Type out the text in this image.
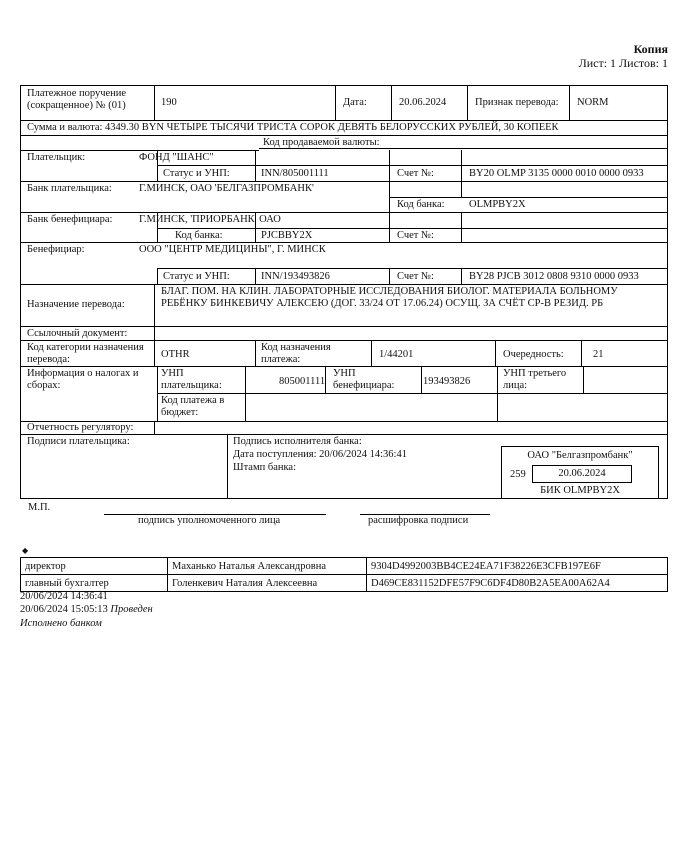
Копия
Лист: 1 Листов: 1
Платежное поручение (сокращенное) № (01)	190	Дата:	20.06.2024	Признак перевода: NORM
Сумма и валюта: 4349.30 BYN ЧЕТЫРЕ ТЫСЯЧИ ТРИСТА СОРОК ДЕВЯТЬ БЕЛОРУССКИХ РУБЛЕЙ, 30 КОПЕЕК
Код продаваемой валюты:
Плательщик:	ФОНД "ШАНС"
Статус и УНП:	INN/805001111	Счет №:	BY20 OLMP 3135 0000 0010 0000 0933
Банк плательщика:	Г.МИНСК, ОАО 'БЕЛГАЗПРОМБАНК'
Код банка: OLMPBY2X
Банк бенефициара:	Г.МИНСК, 'ПРИОРБАНК' ОАО
Код банка:	PJCBBY2X	Счет №:
Бенефициар:	ООО "ЦЕНТР МЕДИЦИНЫ", Г. МИНСК
Статус и УНП:	INN/193493826	Счет №:	BY28 PJCB 3012 0808 9310 0000 0933
Назначение перевода:
БЛАГ. ПОМ. НА КЛИН. ЛАБОРАТОРНЫЕ ИССЛЕДОВАНИЯ БИОЛОГ. МАТЕРИАЛА БОЛЬНОМУ РЕБЁНКУ БИНКЕВИЧУ АЛЕКСЕЮ (ДОГ. 33/24 ОТ 17.06.24) ОСУЩ. ЗА СЧЁТ СР-В РЕЗИД. РБ
Ссылочный документ:
Код категории назначения перевода:	OTHR
Код назначения платежа:	1/44201	Очередность:	21
Информация о налогах и сборах:
УНП плательщика:	805001111
УНП бенефициара:	193493826
УНП третьего лица:
Код платежа в бюджет:
Отчетность регулятору:
Подписи плательщика:	Подпись исполнителя банка:
Дата поступления: 20/06/2024 14:36:41
Штамп банка:
ОАО "Белгазпромбанк"
259	20.06.2024
БИК OLMPBY2X
М.П.
подпись уполномоченного лица	расшифровка подписи
◆
директор	Маханько Наталья Александровна	9304D4992003BB4CE24EA71F38226E3CFB197E6F
главный бухгалтер	Голенкевич Наталия Алексеевна	D469CE831152DFE57F9C6DF4D80B2A5EA00A62A4
20/06/2024 14:36:41
20/06/2024 15:05:13 Проведен
Исполнено банком
